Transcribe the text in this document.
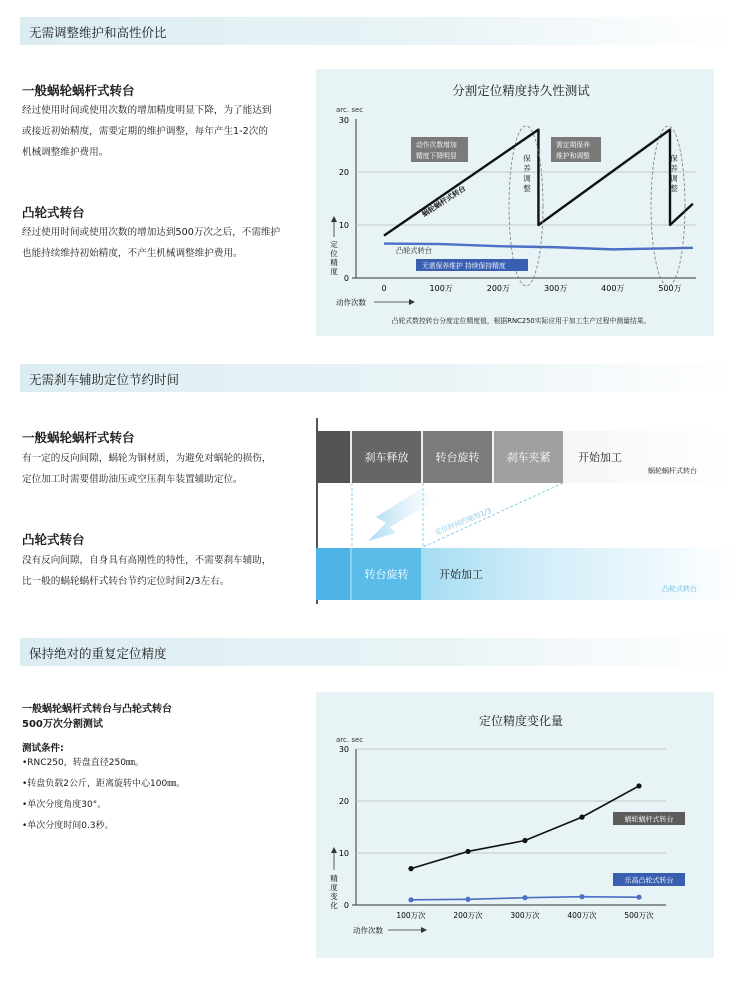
无需调整维护和高性价比
一般蜗轮蜗杆式转台
经过使用时间或使用次数的增加精度明显下降，为了能达到
或接近初始精度，需要定期的维护调整，每年产生1-2次的
机械调整维护费用。
凸轮式转台
经过使用时间或使用次数的增加达到500万次之后，不需维护
也能持续维持初始精度，不产生机械调整维护费用。
分割定位精度持久性测试
arc. sec
0
10
20
30
定
位
精
度
0	100万	200万	300万	400万	500万
动作次数
保
养
调
整
保
养
调
整
动作次数增加
精度下降明显
需定期保养
维护和调整
蜗轮蜗杆式转台
凸轮式转台
无需保养维护 持续保持精度
凸轮式数控转台分度定位精度值，根据RNC250实际应用于加工生产过程中测量结果。
无需刹车辅助定位节约时间
一般蜗轮蜗杆式转台
有一定的反向间隙，蜗轮为铜材质，为避免对蜗轮的损伤，
定位加工时需要借助油压或空压刹车装置辅助定位。
凸轮式转台
没有反向间隙，自身具有高刚性的特性，不需要刹车辅助，
比一般的蜗轮蜗杆式转台节约定位时间2/3左右。
刹车释放	转台旋转	刹车夹紧	开始加工
蜗轮蜗杆式转台
定位时间约缩短1/3
转台旋转	开始加工
凸轮式转台
保持绝对的重复定位精度
一般蜗轮蜗杆式转台与凸轮式转台
500万次分割测试
测试条件:
•RNC250，转盘直径250㎜。
•转盘负载2公斤，距离旋转中心100㎜。
•单次分度角度30°。
•单次分度时间0.3秒。
定位精度变化量
arc. sec
0
10
20
30
精
度
变
化
100万次	200万次	300万次	400万次	500万次
动作次数
蜗轮蜗杆式转台
乐高凸轮式转台
